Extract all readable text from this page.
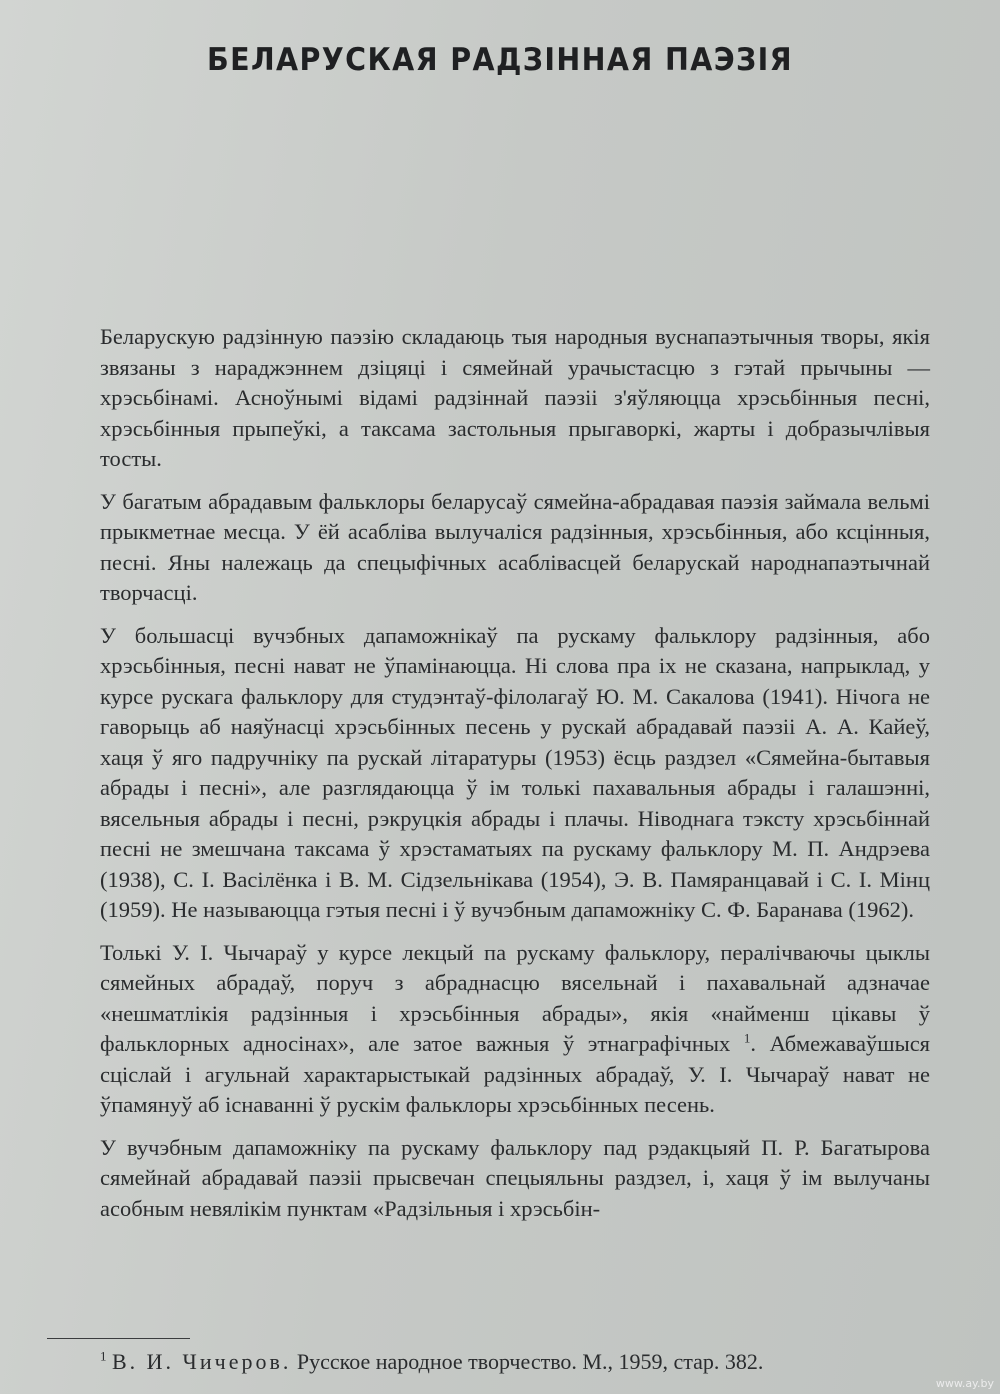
БЕЛАРУСКАЯ РАДЗІННАЯ ПАЭЗІЯ

Беларускую радзінную паэзію складаюць тыя народныя вуснапаэтычныя творы, якія звязаны з нараджэннем дзіцяці і сямейнай урачыстасцю з гэтай прычыны — хрэсьбінамі. Асноўнымі відамі радзіннай паэзіі з'яўляюцца хрэсьбінныя песні, хрэсьбінныя прыпеўкі, а таксама застольныя прыгаворкі, жарты і добразычлівыя тосты.

У багатым абрадавым фальклоры беларусаў сямейна-абрадавая паэзія займала вельмі прыкметнае месца. У ёй асабліва вылучаліся радзінныя, хрэсьбінныя, або ксцінныя, песні. Яны належаць да спецыфічных асаблівасцей беларускай народнапаэтычнай творчасці.

У большасці вучэбных дапаможнікаў па рускаму фальклору радзінныя, або хрэсьбінныя, песні нават не ўпамінаюцца. Ні слова пра іх не сказана, напрыклад, у курсе рускага фальклору для студэнтаў-філолагаў Ю. М. Сакалова (1941). Нічога не гаворыць аб наяўнасці хрэсьбінных песень у рускай абрадавай паэзіі А. А. Кайеў, хаця ў яго падручніку па рускай літаратуры (1953) ёсць раздзел «Сямейна-бытавыя абрады і песні», але разглядаюцца ў ім толькі пахавальныя абрады і галашэнні, вясельныя абрады і песні, рэкруцкія абрады і плачы. Ніводнага тэксту хрэсьбіннай песні не змешчана таксама ў хрэстаматыях па рускаму фальклору М. П. Андрэева (1938), С. І. Васілёнка і В. М. Сідзельнікава (1954), Э. В. Памяранцавай і С. І. Мінц (1959). Не называюцца гэтыя песні і ў вучэбным дапаможніку С. Ф. Баранава (1962).

Толькі У. І. Чычараў у курсе лекцый па рускаму фальклору, пералічваючы цыклы сямейных абрадаў, поруч з абраднасцю вясельнай і пахавальнай адзначае «нешматлікія радзінныя і хрэсьбінныя абрады», якія «найменш цікавы ў фальклорных адносінах», але затое важныя ў этнаграфічных $^1$. Абмежаваўшыся сціслай і агульнай характарыстыкай радзінных абрадаў, У. І. Чычараў нават не ўпамянуў аб існаванні ў рускім фальклоры хрэсьбінных песень.

У вучэбным дапаможніку па рускаму фальклору пад рэдакцыяй П. Р. Багатырова сямейнай абрадавай паэзіі прысвечан спецыяльны раздзел, і, хаця ў ім вылучаны асобным невялікім пунктам «Радзільныя і хрэсьбін-

$^1$ В. И. Чичеров. Русское народное творчество. М., 1959, стар. 382.
www.ay.by
